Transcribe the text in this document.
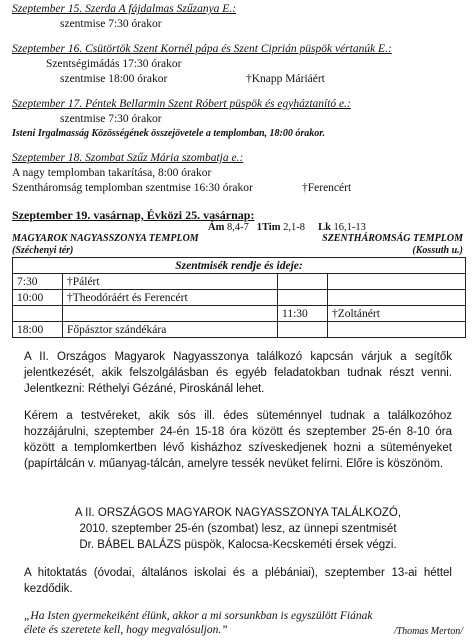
Szeptember 15. Szerda A fájdalmas Szűzanya E.:
szentmise 7:30 órakor
Szeptember 16. Csütörtök Szent Kornél pápa és Szent Ciprián püspök vértanúk E.:
Szentségimádás 17:30 órakor
szentmise 18:00 órakor	†Knapp Máriáért
Szeptember 17. Péntek Bellarmin Szent Róbert püspök és egyháztanító e.:
szentmise 7:30 órakor
Isteni Irgalmasság Közösségének összejövetele a templomban, 18:00 órakor.
Szeptember 18. Szombat Szűz Mária szombatja e.:
A nagy templomban takarítása, 8:00 órakor
Szentháromság templomban szentmise 16:30 órakor	†Ferencért
Szeptember 19. vasárnap, Évközi 25. vasárnap:
Ám 8,4-7 1Tim 2,1-8 Lk 16,1-13
MAGYAROK NAGYASSZONYA TEMPLOM
(Széchenyi tér)
SZENTHÁROMSÁG TEMPLOM
(Kossuth u.)
Szentmisék rendje és ideje:			
7:30	†Pálért		
10:00	†Theodóráért és Ferencért		
		11:30	†Zoltánért
18:00	Főpásztor szándékára		
A II. Országos Magyarok Nagyasszonya találkozó kapcsán várjuk a segítők jelentkezését, akik felszolgálásban és egyéb feladatokban tudnak részt venni. Jelentkezni: Réthelyi Gézáné, Piroskánál lehet.
Kérem a testvéreket, akik sós ill. édes süteménnyel tudnak a találkozóhoz hozzájárulni, szeptember 24-én 15-18 óra között és szeptember 25-én 8-10 óra között a templomkertben lévő kisházhoz szíveskedjenek hozni a süteményeket (papírtálcán v. műanyag-tálcán, amelyre tessék nevüket felírni. Előre is köszönöm.
A II. ORSZÁGOS MAGYAROK NAGYASSZONYA TALÁLKOZÓ,
2010. szeptember 25-én (szombat) lesz, az ünnepi szentmisét
Dr. BÁBEL BALÁZS püspök, Kalocsa-Kecskeméti érsek végzi.
A hitoktatás (óvodai, általános iskolai és a plébániai), szeptember 13-ai héttel kezdődik.
„Ha Isten gyermekeiként élünk, akkor a mi sorsunkban is egyszülött Fiának
élete és szeretete kell, hogy megvalósuljon.”	/Thomas Merton/
